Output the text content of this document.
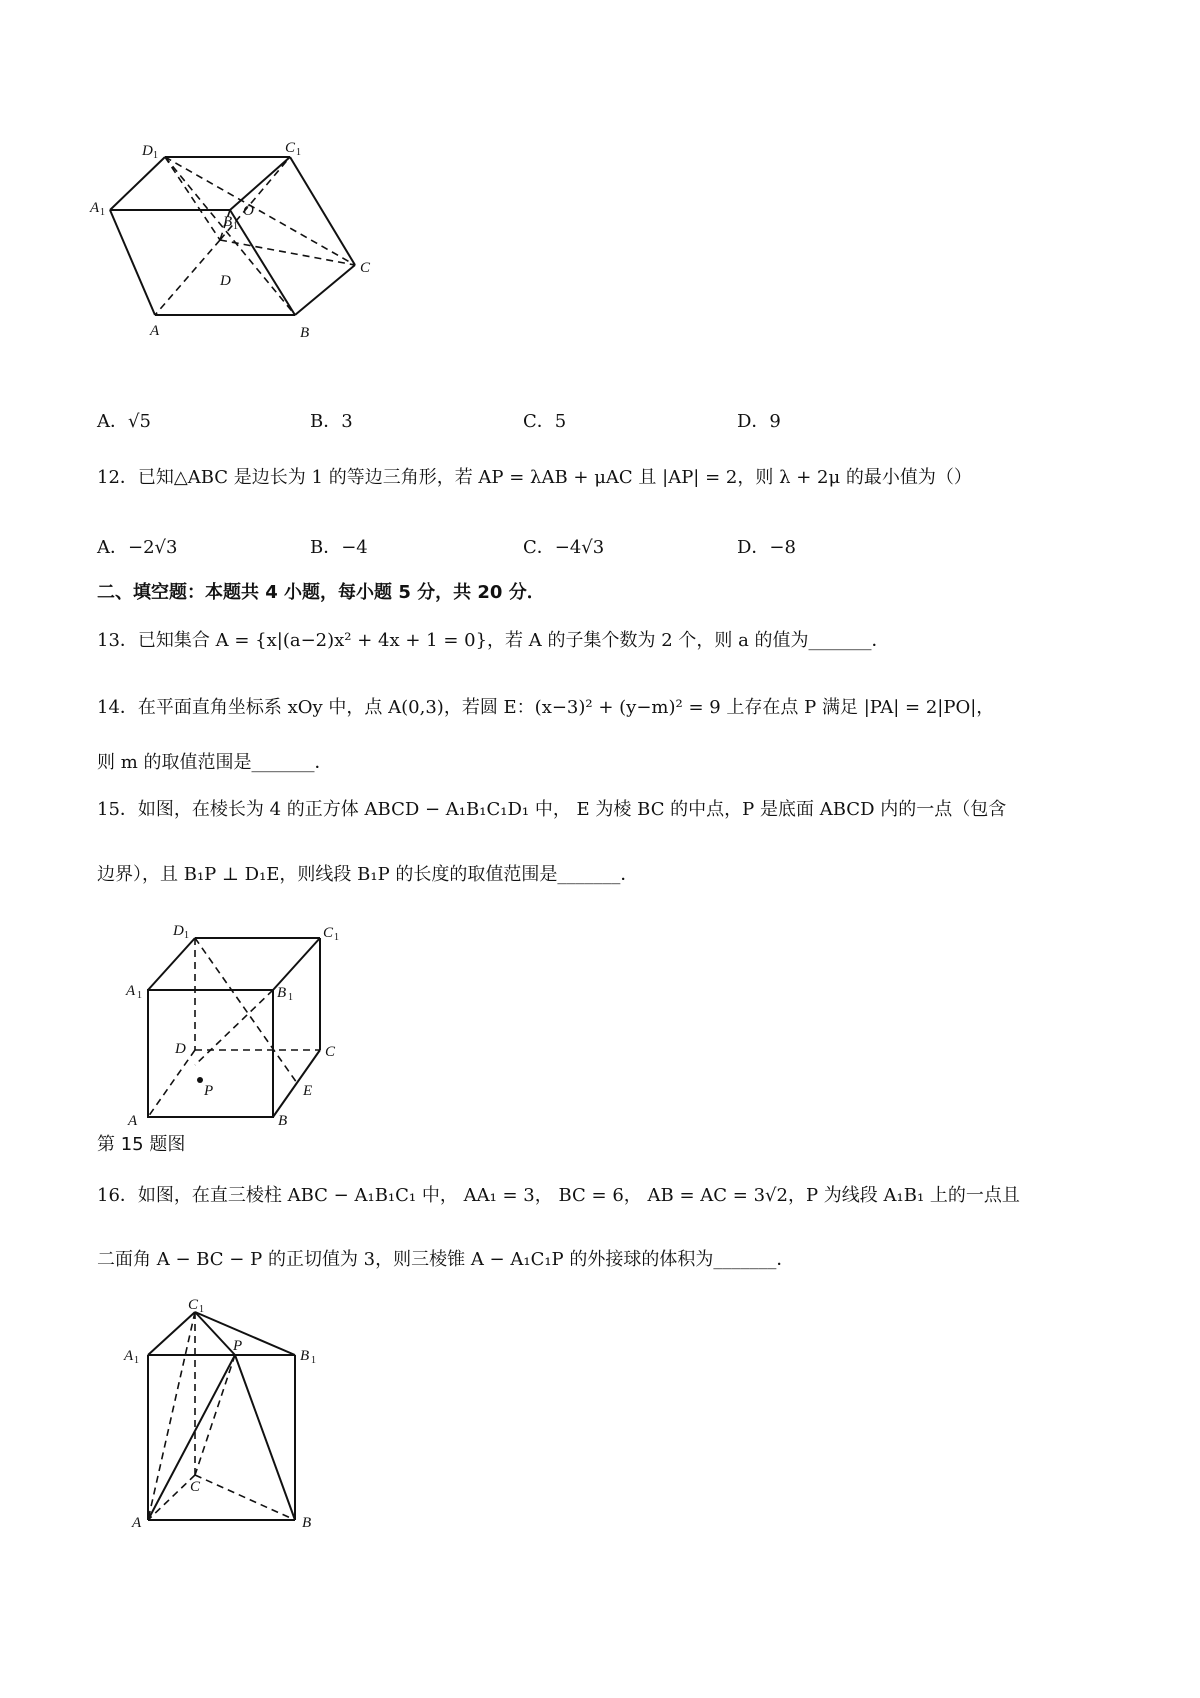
D 1	C 1
A 1
B 1
O
D
C
A	B
A．√5	B．3	C．5	D．9
12．已知△ABC 是边长为 1 的等边三角形，若 AP = λAB + μAC 且 |AP| = 2，则 λ + 2μ 的最小值为（）
A．−2√3	B．−4	C．−4√3	D．−8
二、填空题：本题共 4 小题，每小题 5 分，共 20 分．
13．已知集合 A = {x|(a−2)x² + 4x + 1 = 0}，若 A 的子集个数为 2 个，则 a 的值为_______．
14．在平面直角坐标系 xOy 中，点 A(0,3)，若圆 E：(x−3)² + (y−m)² = 9 上存在点 P 满足 |PA| = 2|PO|，
则 m 的取值范围是_______．
15．如图，在棱长为 4 的正方体 ABCD − A₁B₁C₁D₁ 中， E 为棱 BC 的中点，P 是底面 ABCD 内的一点（包含
边界），且 B₁P ⊥ D₁E，则线段 B₁P 的长度的取值范围是_______．
D 1	C 1
A 1	B 1
D	C
E
P
A	B
第 15 题图
16．如图，在直三棱柱 ABC − A₁B₁C₁ 中， AA₁ = 3， BC = 6， AB = AC = 3√2，P 为线段 A₁B₁ 上的一点且
二面角 A − BC − P 的正切值为 3，则三棱锥 A − A₁C₁P 的外接球的体积为_______．
C 1
A 1
P
B 1
C
A	B
